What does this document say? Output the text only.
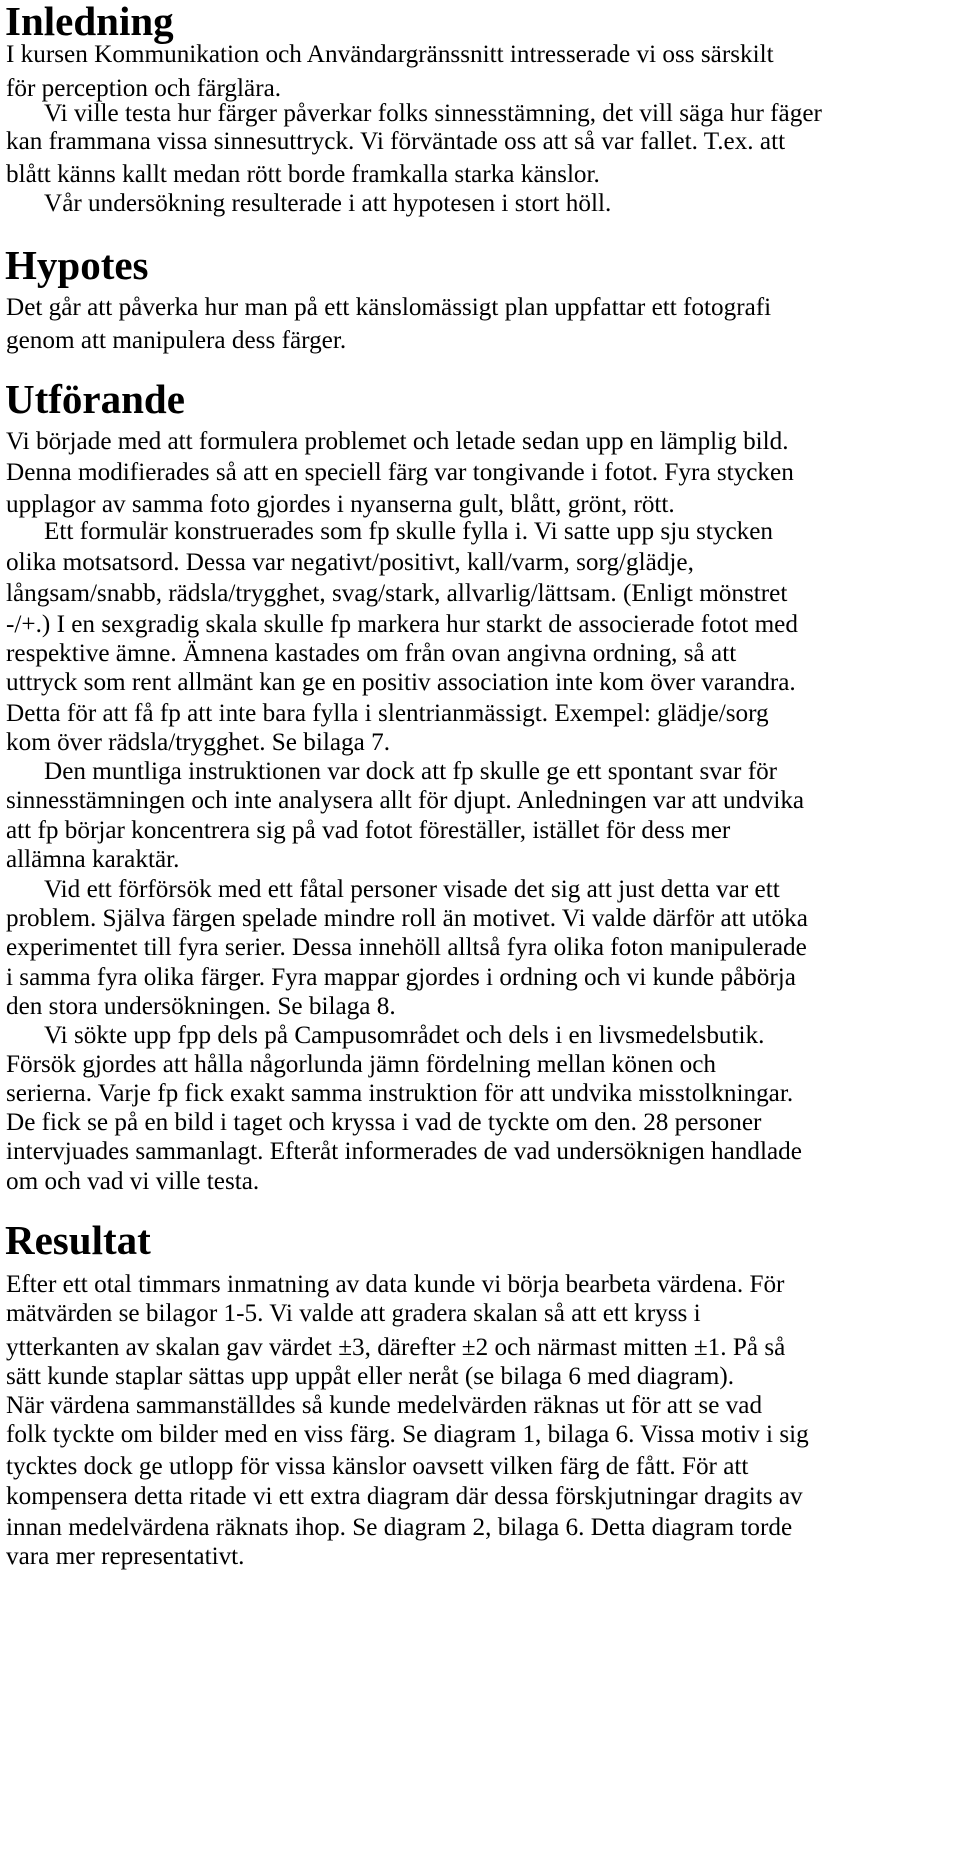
Inledning
I kursen Kommunikation och Användargränssnitt intresserade vi oss särskilt
för perception och färglära.
Vi ville testa hur färger påverkar folks sinnesstämning, det vill säga hur fäger
kan frammana vissa sinnesuttryck. Vi förväntade oss att så var fallet. T.ex. att
blått känns kallt medan rött borde framkalla starka känslor.
Vår undersökning resulterade i att hypotesen i stort höll.
Hypotes
Det går att påverka hur man på ett känslomässigt plan uppfattar ett fotografi
genom att manipulera dess färger.
Utförande
Vi började med att formulera problemet och letade sedan upp en lämplig bild.
Denna modifierades så att en speciell färg var tongivande i fotot. Fyra stycken
upplagor av samma foto gjordes i nyanserna gult, blått, grönt, rött.
Ett formulär konstruerades som fp skulle fylla i. Vi satte upp sju stycken
olika motsatsord. Dessa var negativt/positivt, kall/varm, sorg/glädje,
långsam/snabb, rädsla/trygghet, svag/stark, allvarlig/lättsam. (Enligt mönstret
-/+.) I en sexgradig skala skulle fp markera hur starkt de associerade fotot med
respektive ämne. Ämnena kastades om från ovan angivna ordning, så att
uttryck som rent allmänt kan ge en positiv association inte kom över varandra.
Detta för att få fp att inte bara fylla i slentrianmässigt. Exempel: glädje/sorg
kom över rädsla/trygghet. Se bilaga 7.
Den muntliga instruktionen var dock att fp skulle ge ett spontant svar för
sinnesstämningen och inte analysera allt för djupt. Anledningen var att undvika
att fp börjar koncentrera sig på vad fotot föreställer, istället för dess mer
allämna karaktär.
Vid ett förförsök med ett fåtal personer visade det sig att just detta var ett
problem. Själva färgen spelade mindre roll än motivet. Vi valde därför att utöka
experimentet till fyra serier. Dessa innehöll alltså fyra olika foton manipulerade
i samma fyra olika färger. Fyra mappar gjordes i ordning och vi kunde påbörja
den stora undersökningen. Se bilaga 8.
Vi sökte upp fpp dels på Campusområdet och dels i en livsmedelsbutik.
Försök gjordes att hålla någorlunda jämn fördelning mellan könen och
serierna. Varje fp fick exakt samma instruktion för att undvika misstolkningar.
De fick se på en bild i taget och kryssa i vad de tyckte om den. 28 personer
intervjuades sammanlagt. Efteråt informerades de vad undersöknigen handlade
om och vad vi ville testa.
Resultat
Efter ett otal timmars inmatning av data kunde vi börja bearbeta värdena. För
mätvärden se bilagor 1-5. Vi valde att gradera skalan så att ett kryss i
ytterkanten av skalan gav värdet ±3, därefter ±2 och närmast mitten ±1. På så
sätt kunde staplar sättas upp uppåt eller neråt (se bilaga 6 med diagram).
När värdena sammanställdes så kunde medelvärden räknas ut för att se vad
folk tyckte om bilder med en viss färg. Se diagram 1, bilaga 6. Vissa motiv i sig
tycktes dock ge utlopp för vissa känslor oavsett vilken färg de fått. För att
kompensera detta ritade vi ett extra diagram där dessa förskjutningar dragits av
innan medelvärdena räknats ihop. Se diagram 2, bilaga 6. Detta diagram torde
vara mer representativt.
